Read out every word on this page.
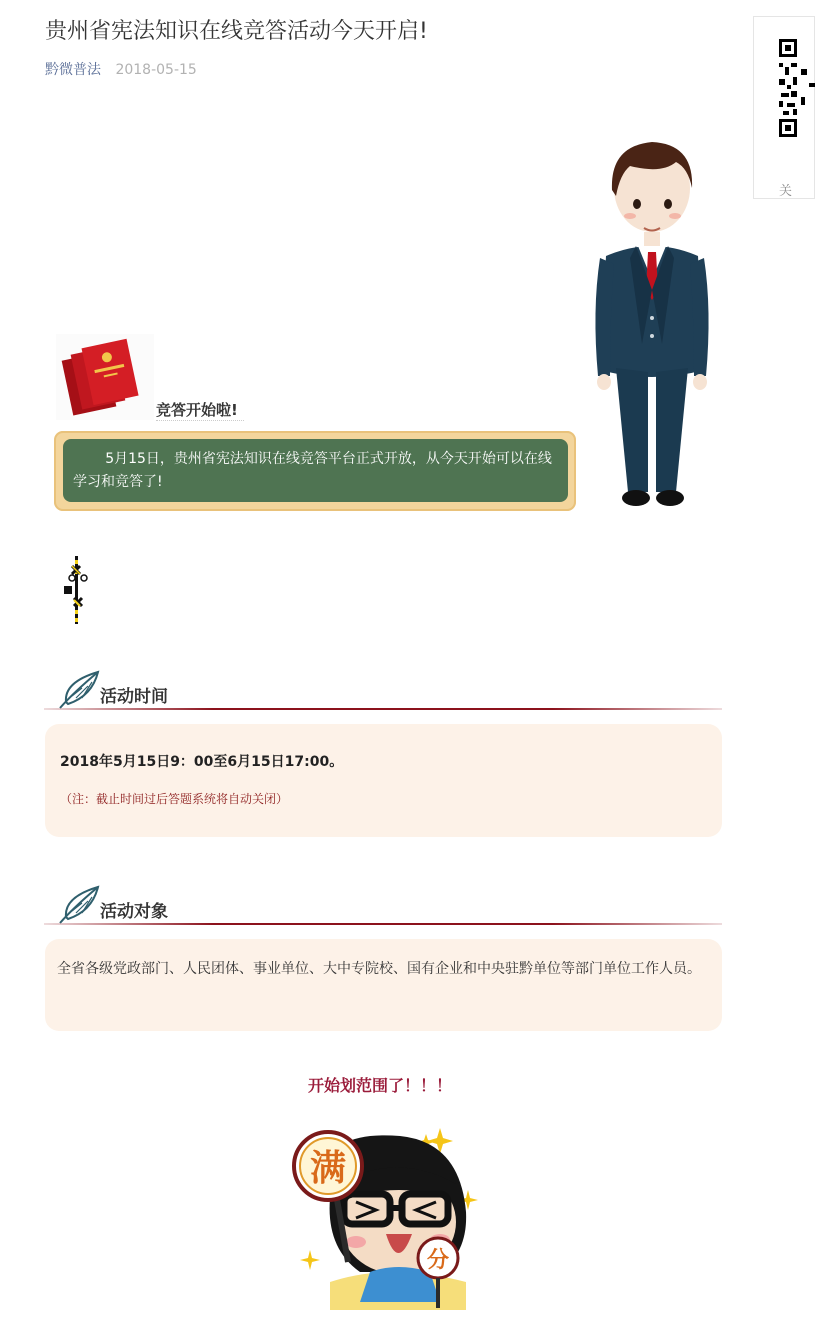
贵州省宪法知识在线竞答活动今天开启!
黔微普法 2018-05-15
关
竞答开始啦!
5月15日，贵州省宪法知识在线竞答平台正式开放，从今天开始可以在线学习和竞答了!
活动时间
2018年5月15日9：00至6月15日17:00。
（注：截止时间过后答题系统将自动关闭）
活动对象
全省各级党政部门、人民团体、事业单位、大中专院校、国有企业和中央驻黔单位等部门单位工作人员。
开始划范围了！！！
满
分
